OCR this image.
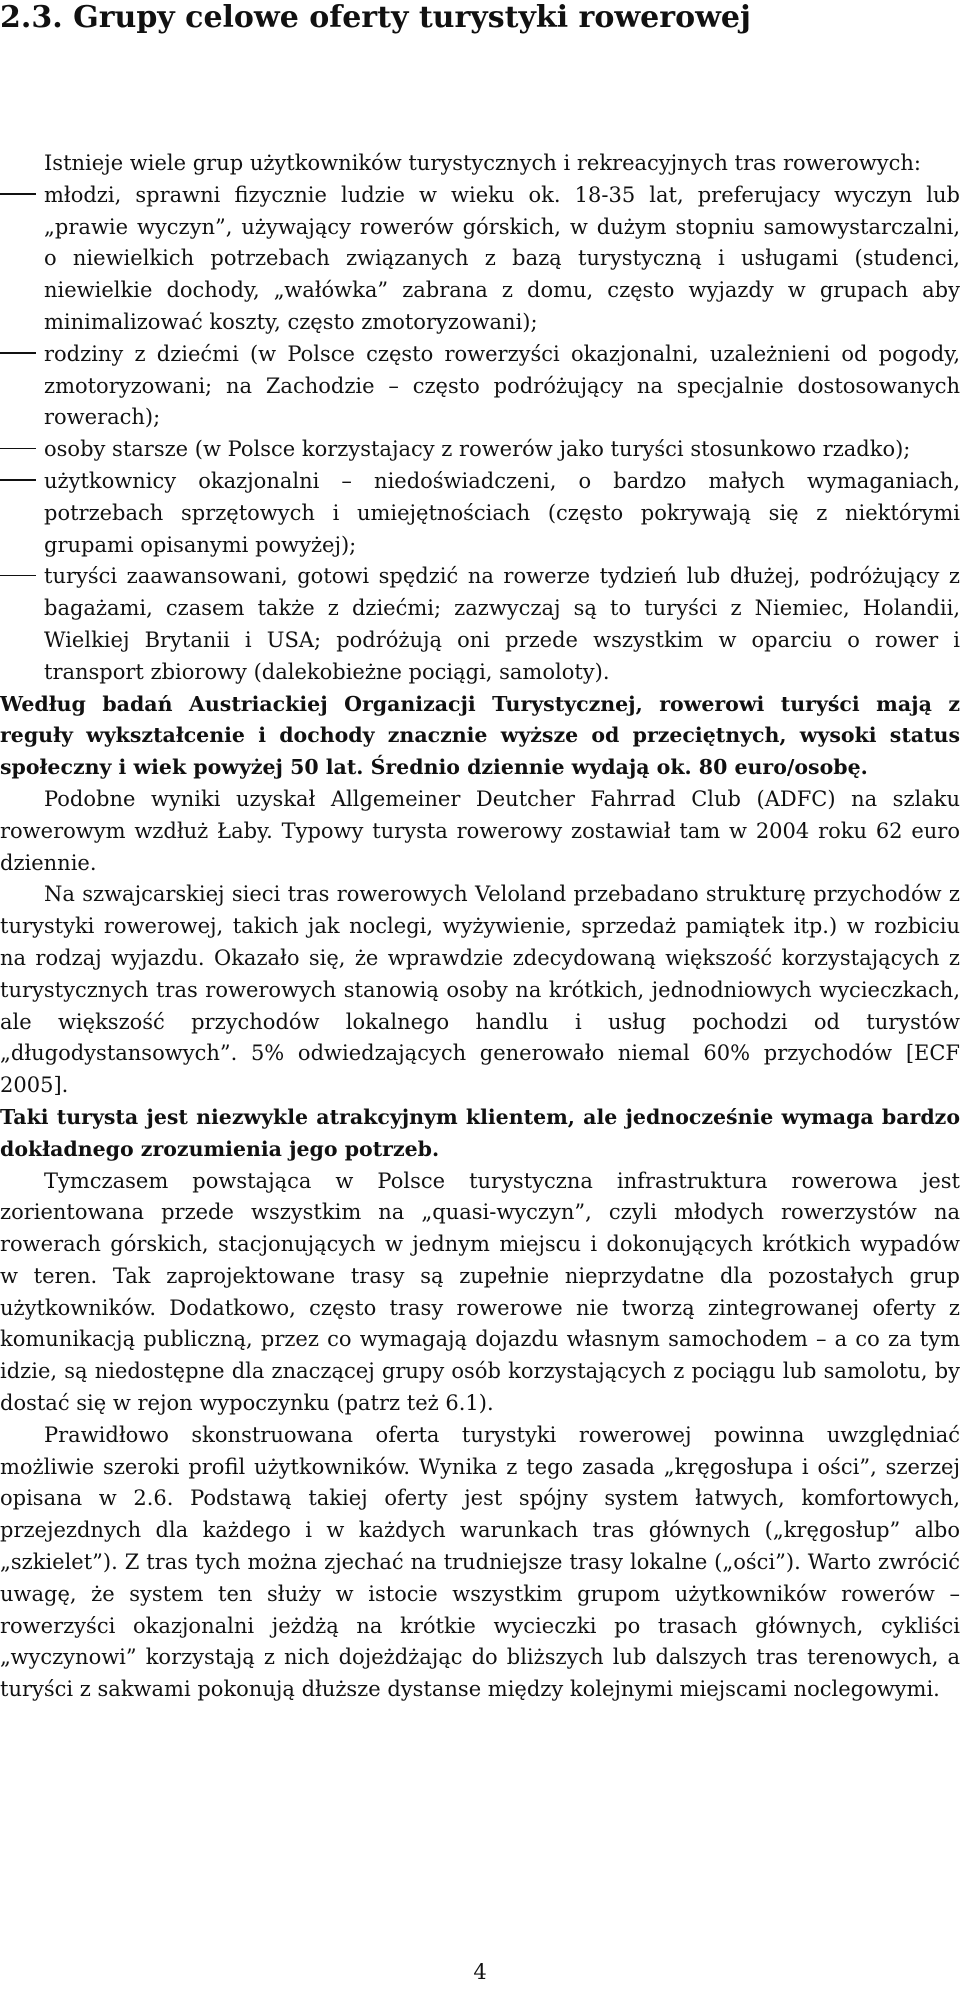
2.3. Grupy celowe oferty turystyki rowerowej

Istnieje wiele grup użytkowników turystycznych i rekreacyjnych tras rowerowych:

młodzi, sprawni fizycznie ludzie w wieku ok. 18-35 lat, preferujacy wyczyn lub „prawie wyczyn”, używający rowerów górskich, w dużym stopniu samowystarczalni, o niewielkich potrzebach związanych z bazą turystyczną i usługami (studenci, niewielkie dochody, „wałówka” zabrana z domu, często wyjazdy w grupach aby minimalizować koszty, często zmotoryzowani);
rodziny z dziećmi (w Polsce często rowerzyści okazjonalni, uzależnieni od pogody, zmotoryzowani; na Zachodzie – często podróżujący na specjalnie dostosowanych rowerach);
osoby starsze (w Polsce korzystajacy z rowerów jako turyści stosunkowo rzadko);
użytkownicy okazjonalni – niedoświadczeni, o bardzo małych wymaganiach, potrzebach sprzętowych i umiejętnościach (często pokrywają się z niektórymi grupami opisanymi powyżej);
turyści zaawansowani, gotowi spędzić na rowerze tydzień lub dłużej, podróżujący z bagażami, czasem także z dziećmi; zazwyczaj są to turyści z Niemiec, Holandii, Wielkiej Brytanii i USA; podróżują oni przede wszystkim w oparciu o rower i transport zbiorowy (dalekobieżne pociągi, samoloty).

Według badań Austriackiej Organizacji Turystycznej, rowerowi turyści mają z reguły wykształcenie i dochody znacznie wyższe od przeciętnych, wysoki status społeczny i wiek powyżej 50 lat. Średnio dziennie wydają ok. 80 euro/osobę.

Podobne wyniki uzyskał Allgemeiner Deutcher Fahrrad Club (ADFC) na szlaku rowerowym wzdłuż Łaby. Typowy turysta rowerowy zostawiał tam w 2004 roku 62 euro dziennie.

Na szwajcarskiej sieci tras rowerowych Veloland przebadano strukturę przychodów z turystyki rowerowej, takich jak noclegi, wyżywienie, sprzedaż pamiątek itp.) w rozbiciu na rodzaj wyjazdu. Okazało się, że wprawdzie zdecydowaną większość korzystających z turystycznych tras rowerowych stanowią osoby na krótkich, jednodniowych wycieczkach, ale większość przychodów lokalnego handlu i usług pochodzi od turystów „długodystansowych”. 5% odwiedzających generowało niemal 60% przychodów [ECF 2005].

Taki turysta jest niezwykle atrakcyjnym klientem, ale jednocześnie wymaga bardzo dokładnego zrozumienia jego potrzeb.

Tymczasem powstająca w Polsce turystyczna infrastruktura rowerowa jest zorientowana przede wszystkim na „quasi-wyczyn”, czyli młodych rowerzystów na rowerach górskich, stacjonujących w jednym miejscu i dokonujących krótkich wypadów w teren. Tak zaprojektowane trasy są zupełnie nieprzydatne dla pozostałych grup użytkowników. Dodatkowo, często trasy rowerowe nie tworzą zintegrowanej oferty z komunikacją publiczną, przez co wymagają dojazdu własnym samochodem – a co za tym idzie, są niedostępne dla znaczącej grupy osób korzystających z pociągu lub samolotu, by dostać się w rejon wypoczynku (patrz też 6.1).

Prawidłowo skonstruowana oferta turystyki rowerowej powinna uwzględniać możliwie szeroki profil użytkowników. Wynika z tego zasada „kręgosłupa i ości”, szerzej opisana w 2.6. Podstawą takiej oferty jest spójny system łatwych, komfortowych, przejezdnych dla każdego i w każdych warunkach tras głównych („kręgosłup” albo „szkielet”). Z tras tych można zjechać na trudniejsze trasy lokalne („ości”). Warto zwrócić uwagę, że system ten służy w istocie wszystkim grupom użytkowników rowerów – rowerzyści okazjonalni jeżdżą na krótkie wycieczki po trasach głównych, cykliści „wyczynowi” korzystają z nich dojeżdżając do bliższych lub dalszych tras terenowych, a turyści z sakwami pokonują dłuższe dystanse między kolejnymi miejscami noclegowymi.

4
